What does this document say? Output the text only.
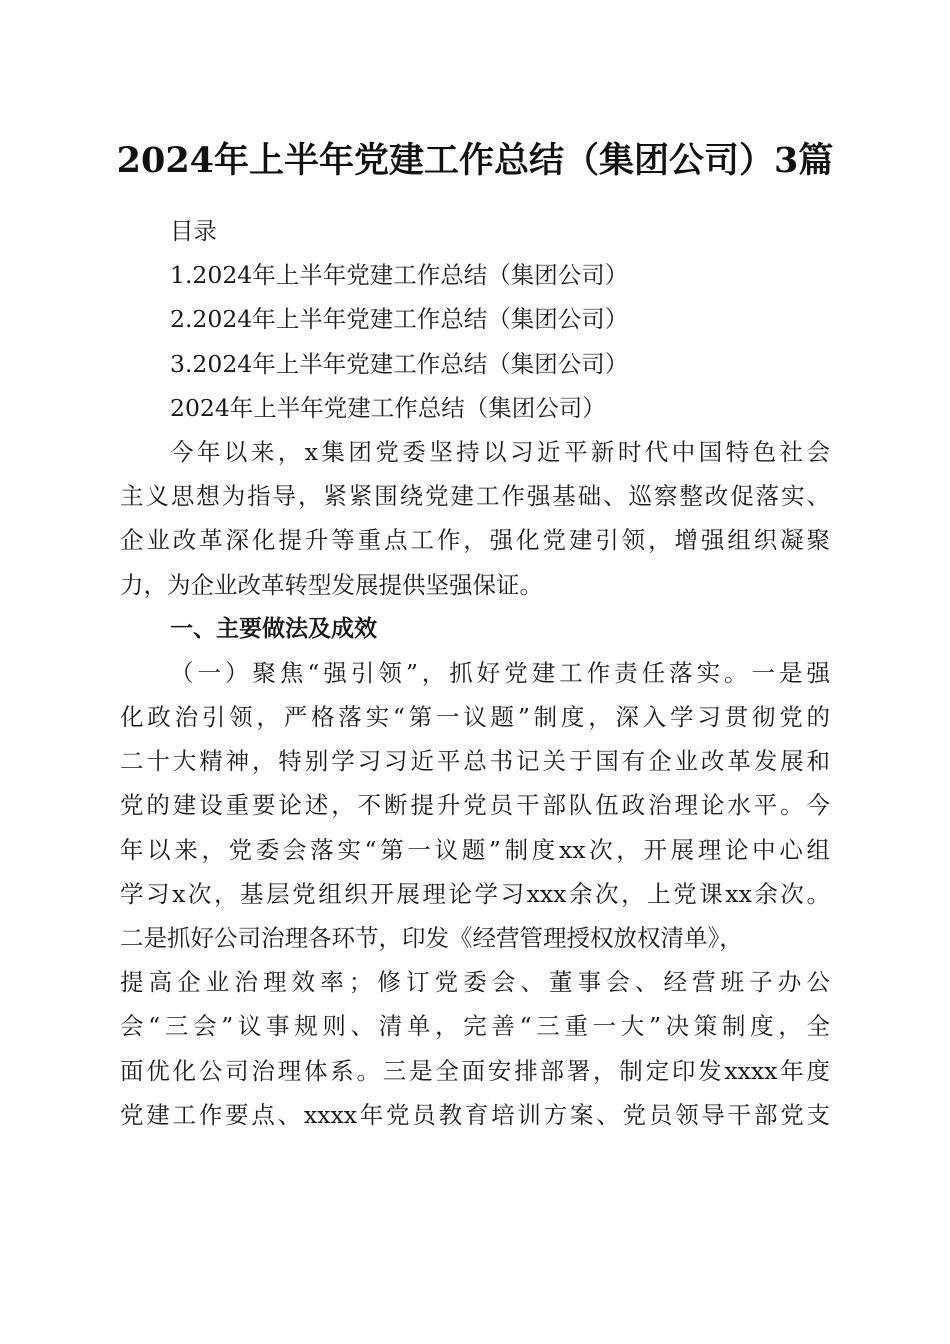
2024年上半年党建工作总结（集团公司）3篇
目录
1.2024年上半年党建工作总结（集团公司）
2.2024年上半年党建工作总结（集团公司）
3.2024年上半年党建工作总结（集团公司）
2024年上半年党建工作总结（集团公司）
今年以来，x集团党委坚持以习近平新时代中国特色社会
主义思想为指导，紧紧围绕党建工作强基础、巡察整改促落实、
企业改革深化提升等重点工作，强化党建引领，增强组织凝聚
力，为企业改革转型发展提供坚强保证。
一、主要做法及成效
（一）聚焦“强引领”，抓好党建工作责任落实。一是强
化政治引领，严格落实“第一议题”制度，深入学习贯彻党的
二十大精神，特别学习习近平总书记关于国有企业改革发展和
党的建设重要论述，不断提升党员干部队伍政治理论水平。今
年以来，党委会落实“第一议题”制度xx次，开展理论中心组
学习x次，基层党组织开展理论学习xxx余次，上党课xx余次。
二是抓好公司治理各环节，印发《经营管理授权放权清单》，
提高企业治理效率；修订党委会、董事会、经营班子办公
会“三会”议事规则、清单，完善“三重一大”决策制度，全
面优化公司治理体系。三是全面安排部署，制定印发xxxx年度
党建工作要点、xxxx年党员教育培训方案、党员领导干部党支
